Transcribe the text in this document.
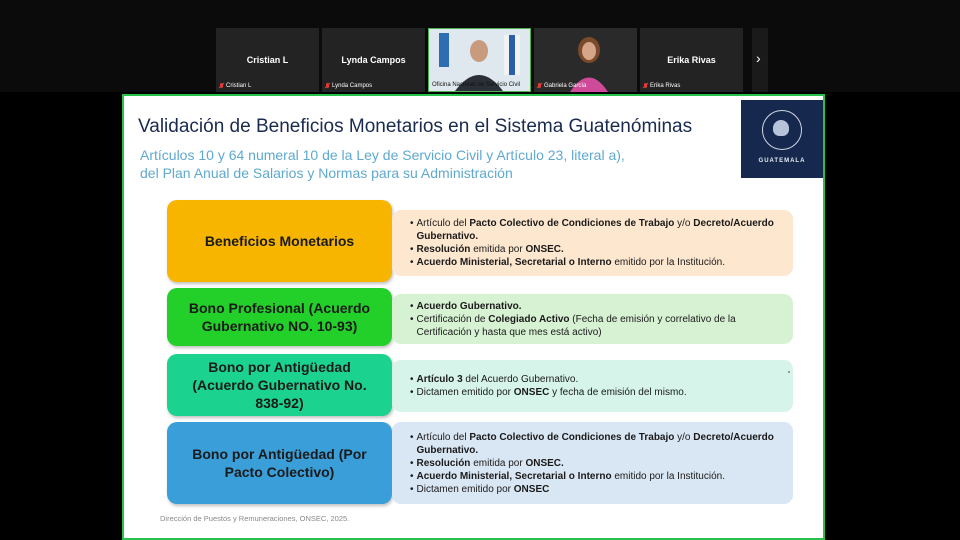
Cristian L
Cristian L
Lynda Campos
Lynda Campos	Oficina Nacional de Servicio Civil	Gabriela García
Erika Rivas
Erika Rivas
›
Validación de Beneficios Monetarios en el Sistema Guatenóminas
Artículos 10 y 64 numeral 10 de la Ley de Servicio Civil y Artículo 23, literal a),
del Plan Anual de Salarios y Normas para su Administración
GUATEMALA
Beneficios Monetarios
• Artículo del Pacto Colectivo de Condiciones de Trabajo y/o Decreto/Acuerdo Gubernativo.
• Resolución emitida por ONSEC.
• Acuerdo Ministerial, Secretarial o Interno emitido por la Institución.
Bono Profesional (Acuerdo Gubernativo NO. 10-93)
• Acuerdo Gubernativo.
• Certificación de Colegiado Activo (Fecha de emisión y correlativo de la Certificación y hasta que mes está activo)
Bono por Antigüedad (Acuerdo Gubernativo No. 838-92)
• Artículo 3 del Acuerdo Gubernativo.
• Dictamen emitido por ONSEC y fecha de emisión del mismo.
Bono por Antigüedad (Por Pacto Colectivo)
• Artículo del Pacto Colectivo de Condiciones de Trabajo y/o Decreto/Acuerdo Gubernativo.
• Resolución emitida por ONSEC.
• Acuerdo Ministerial, Secretarial o Interno emitido por la Institución.
• Dictamen emitido por ONSEC
Dirección de Puestos y Remuneraciones, ONSEC, 2025.
